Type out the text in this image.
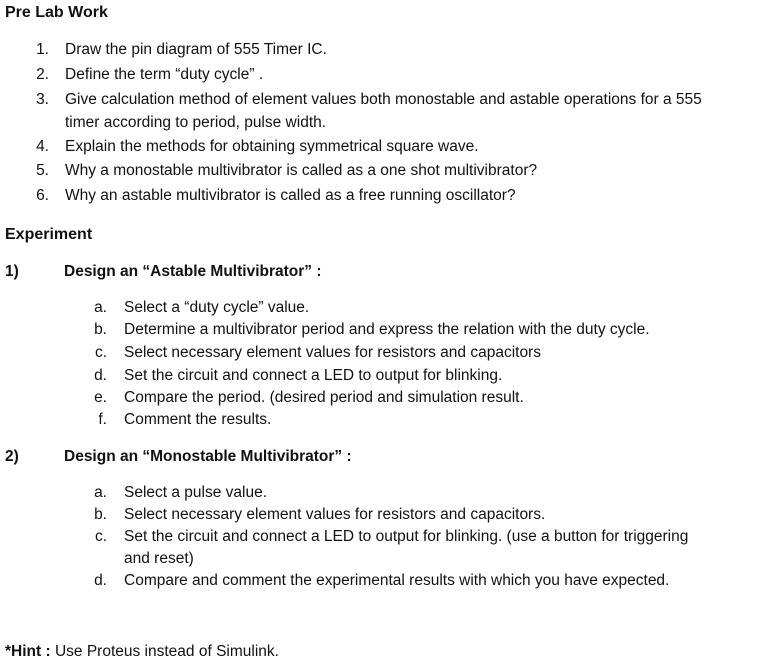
Pre Lab Work
1. Draw the pin diagram of 555 Timer IC.
2. Define the term “duty cycle” .
3. Give calculation method of element values both monostable and astable operations for a 555
timer according to period, pulse width.
4. Explain the methods for obtaining symmetrical square wave.
5. Why a monostable multivibrator is called as a one shot multivibrator?
6. Why an astable multivibrator is called as a free running oscillator?
Experiment
1)	Design an “Astable Multivibrator” :
a. Select a “duty cycle” value.
b. Determine a multivibrator period and express the relation with the duty cycle.
c. Select necessary element values for resistors and capacitors
d. Set the circuit and connect a LED to output for blinking.
e. Compare the period. (desired period and simulation result.
f. Comment the results.
2)	Design an “Monostable Multivibrator” :
a. Select a pulse value.
b. Select necessary element values for resistors and capacitors.
c. Set the circuit and connect a LED to output for blinking. (use a button for triggering
and reset)
d. Compare and comment the experimental results with which you have expected.
*Hint : Use Proteus instead of Simulink.
